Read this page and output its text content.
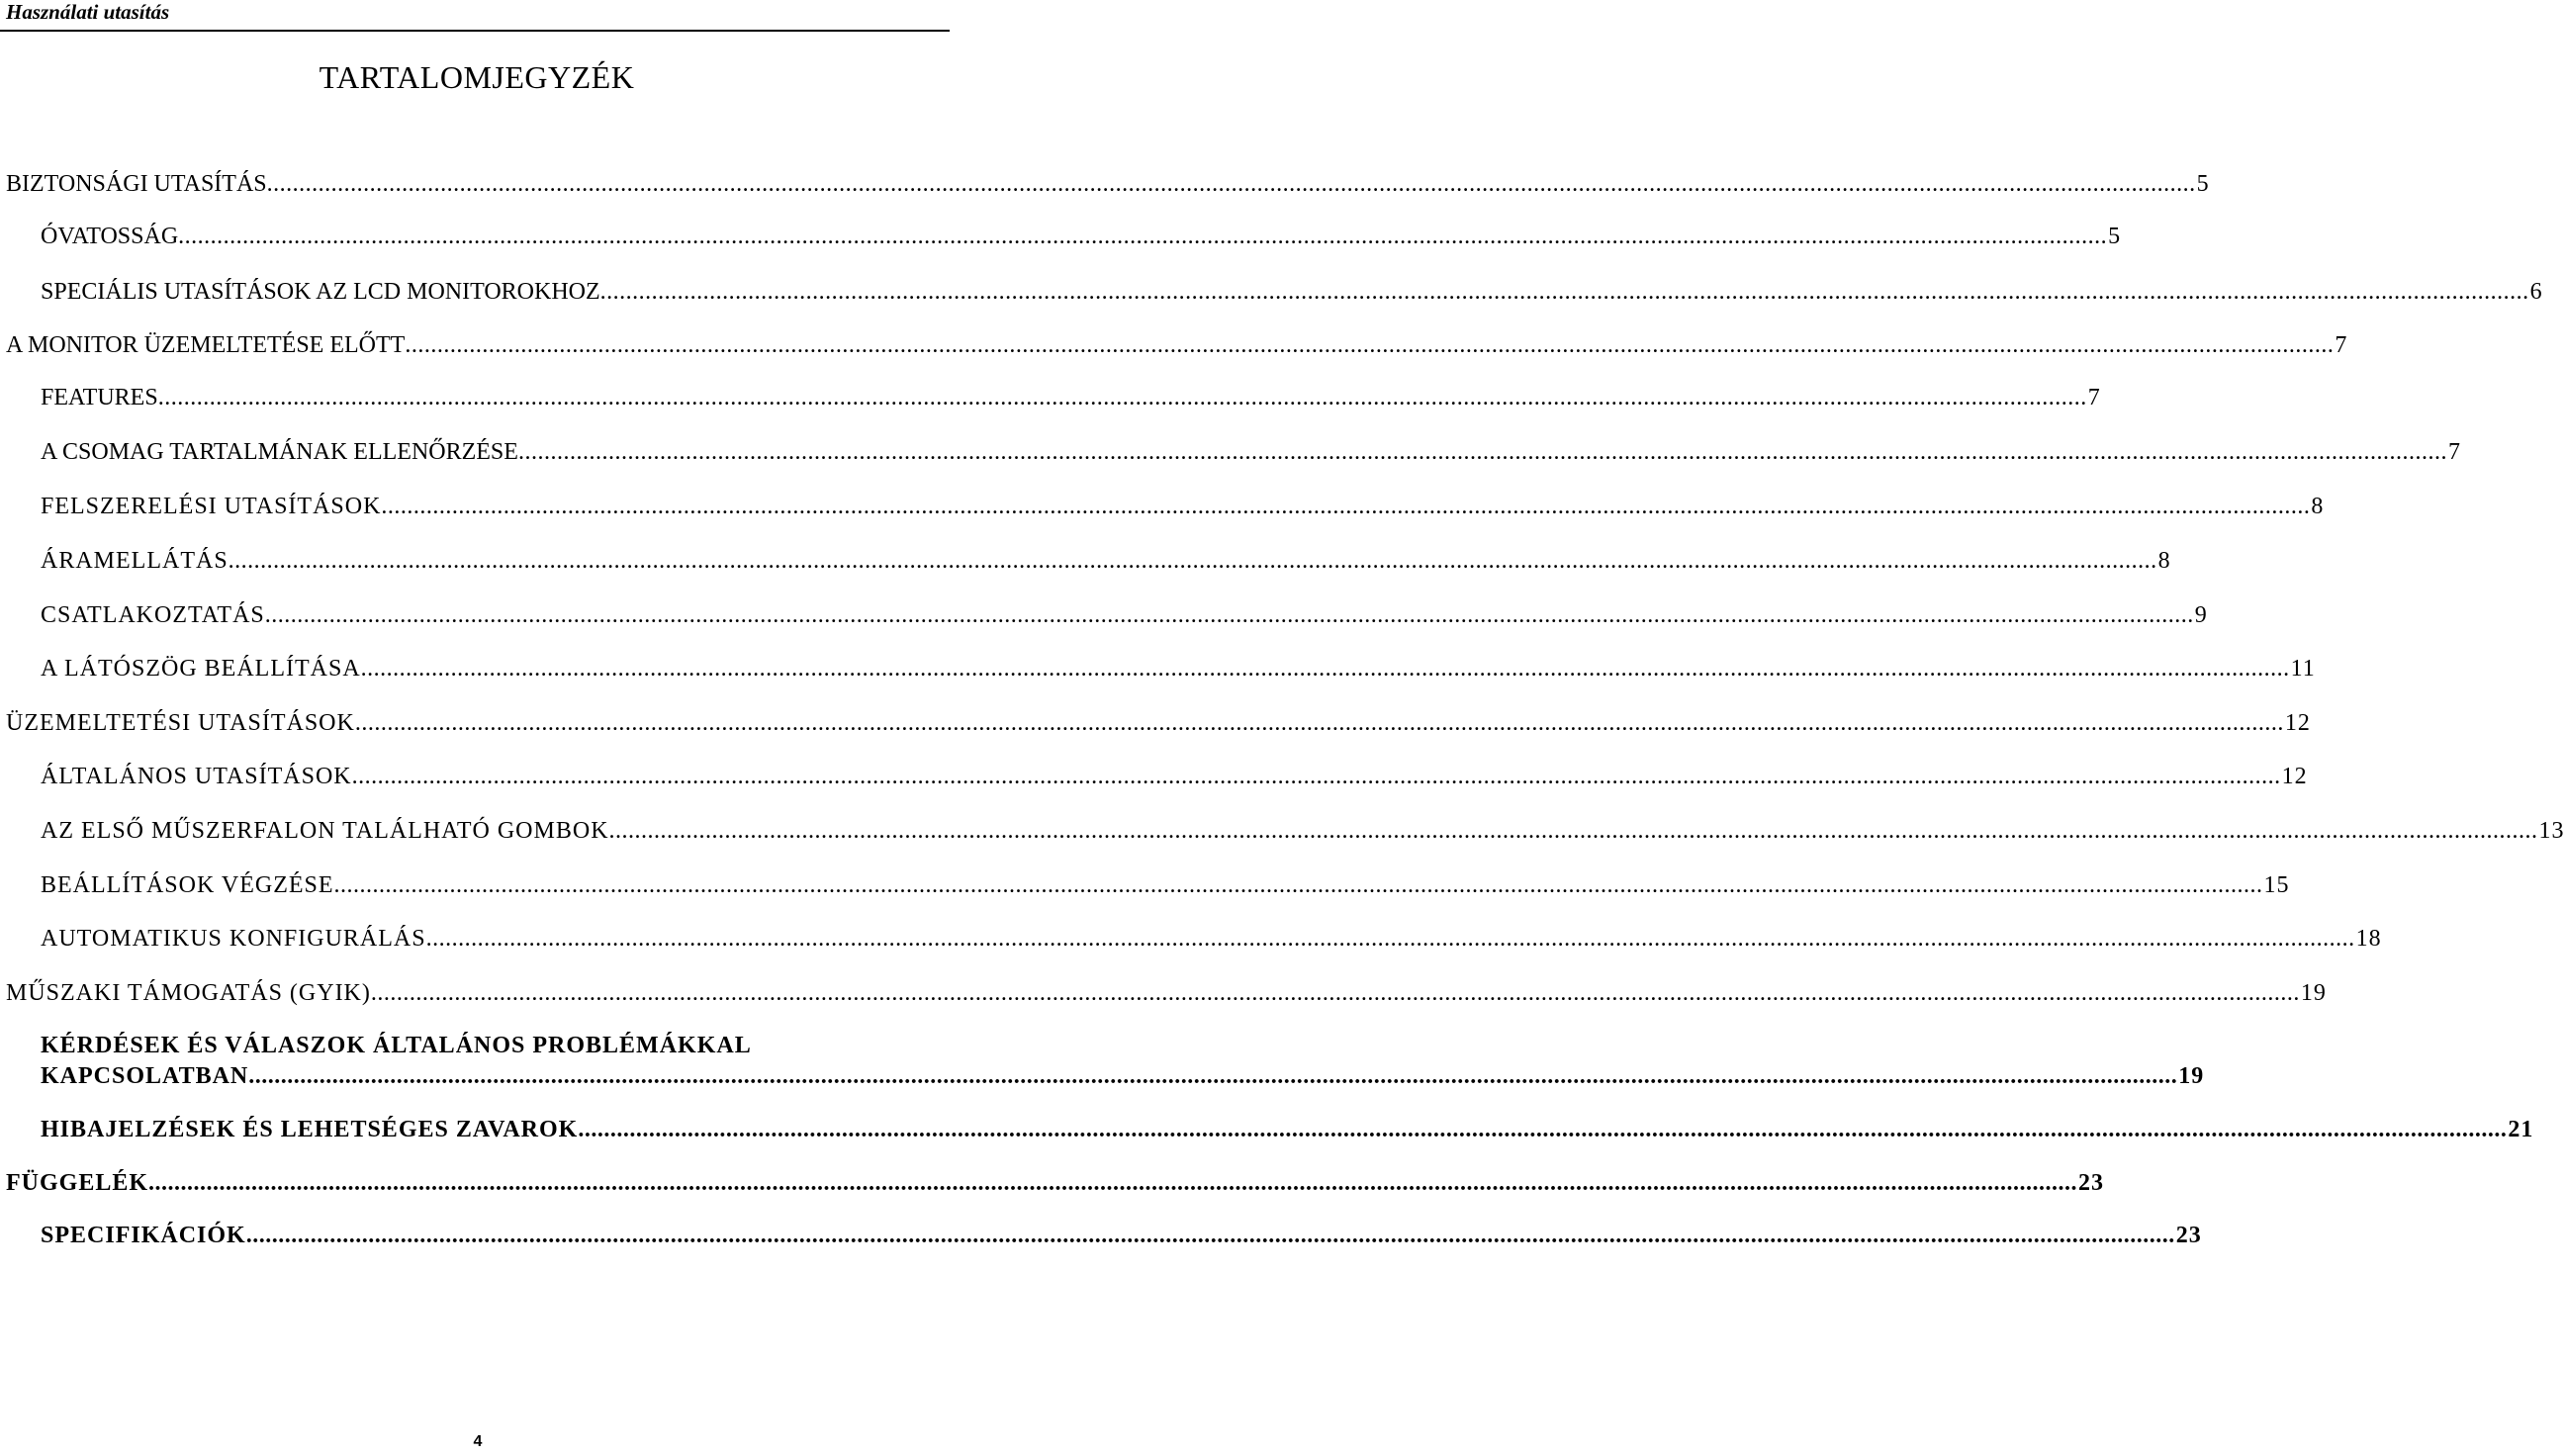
Használati utasítás
TARTALOMJEGYZÉK
BIZTONSÁGI UTASÍTÁS ............................................................................................................................................................................................................................................................................................................ 5
ÓVATOSSÁG ............................................................................................................................................................................................................................................................................................................ 5
SPECIÁLIS UTASÍTÁSOK AZ LCD MONITOROKHOZ ............................................................................................................................................................................................................................................................................................................ 6
A MONITOR ÜZEMELTETÉSE ELŐTT ............................................................................................................................................................................................................................................................................................................ 7
FEATURES ............................................................................................................................................................................................................................................................................................................ 7
A CSOMAG TARTALMÁNAK ELLENŐRZÉSE ............................................................................................................................................................................................................................................................................................................ 7
FELSZERELÉSI UTASÍTÁSOK ............................................................................................................................................................................................................................................................................................................ 8
ÁRAMELLÁTÁS ............................................................................................................................................................................................................................................................................................................ 8
CSATLAKOZTATÁS ............................................................................................................................................................................................................................................................................................................ 9
A LÁTÓSZÖG BEÁLLÍTÁSA ............................................................................................................................................................................................................................................................................................................ 11
ÜZEMELTETÉSI UTASÍTÁSOK ............................................................................................................................................................................................................................................................................................................ 12
ÁLTALÁNOS UTASÍTÁSOK ............................................................................................................................................................................................................................................................................................................ 12
AZ ELSŐ MŰSZERFALON TALÁLHATÓ GOMBOK ............................................................................................................................................................................................................................................................................................................ 13
BEÁLLÍTÁSOK VÉGZÉSE ............................................................................................................................................................................................................................................................................................................ 15
AUTOMATIKUS KONFIGURÁLÁS ............................................................................................................................................................................................................................................................................................................ 18
MŰSZAKI TÁMOGATÁS (GYIK) ............................................................................................................................................................................................................................................................................................................ 19
KÉRDÉSEK ÉS VÁLASZOK ÁLTALÁNOS PROBLÉMÁKKAL
KAPCSOLATBAN ............................................................................................................................................................................................................................................................................................................ 19
HIBAJELZÉSEK ÉS LEHETSÉGES ZAVAROK ............................................................................................................................................................................................................................................................................................................ 21
FÜGGELÉK ............................................................................................................................................................................................................................................................................................................ 23
SPECIFIKÁCIÓK ............................................................................................................................................................................................................................................................................................................ 23
4
